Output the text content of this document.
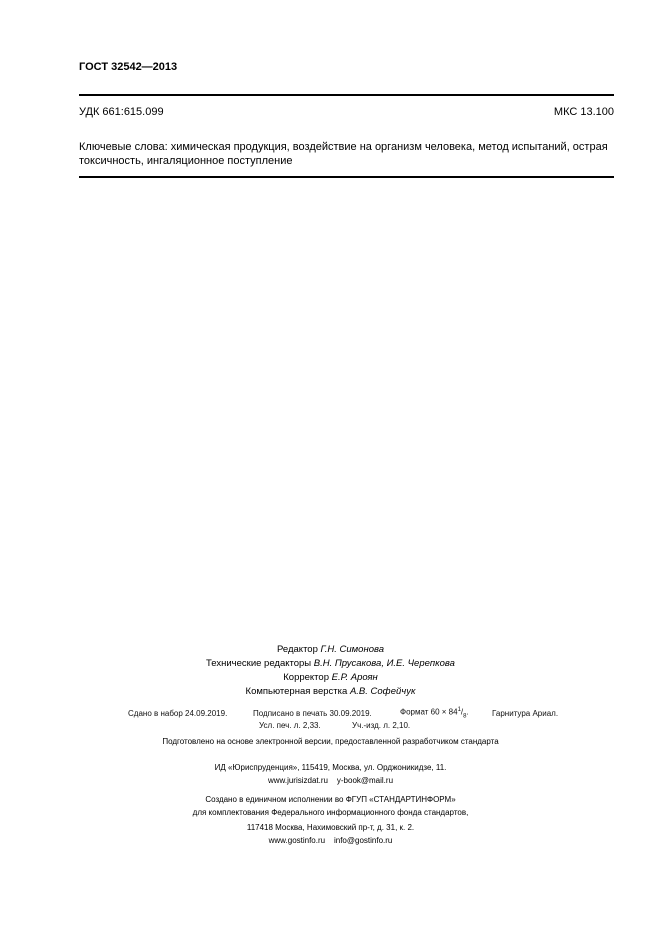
ГОСТ 32542—2013
УДК 661:615.099	МКС 13.100
Ключевые слова: химическая продукция, воздействие на организм человека, метод испытаний, острая токсичность, ингаляционное поступление
Редактор Г.Н. Симонова
Технические редакторы В.Н. Прусакова, И.Е. Черепкова
Корректор Е.Р. Ароян
Компьютерная верстка А.В. Софейчук
Сдано в набор 24.09.2019.	Подписано в печать 30.09.2019.	Формат $60 \times 84^1/_8$.	Гарнитура Ариал.
Усл. печ. л. 2,33.	Уч.-изд. л. 2,10.
Подготовлено на основе электронной версии, предоставленной разработчиком стандарта
ИД «Юриспруденция», 115419, Москва, ул. Орджоникидзе, 11.
www.jurisizdat.ru    y-book@mail.ru
Создано в единичном исполнении во ФГУП «СТАНДАРТИНФОРМ»
для комплектования Федерального информационного фонда стандартов,
117418 Москва, Нахимовский пр-т, д. 31, к. 2.
www.gostinfo.ru    info@gostinfo.ru
